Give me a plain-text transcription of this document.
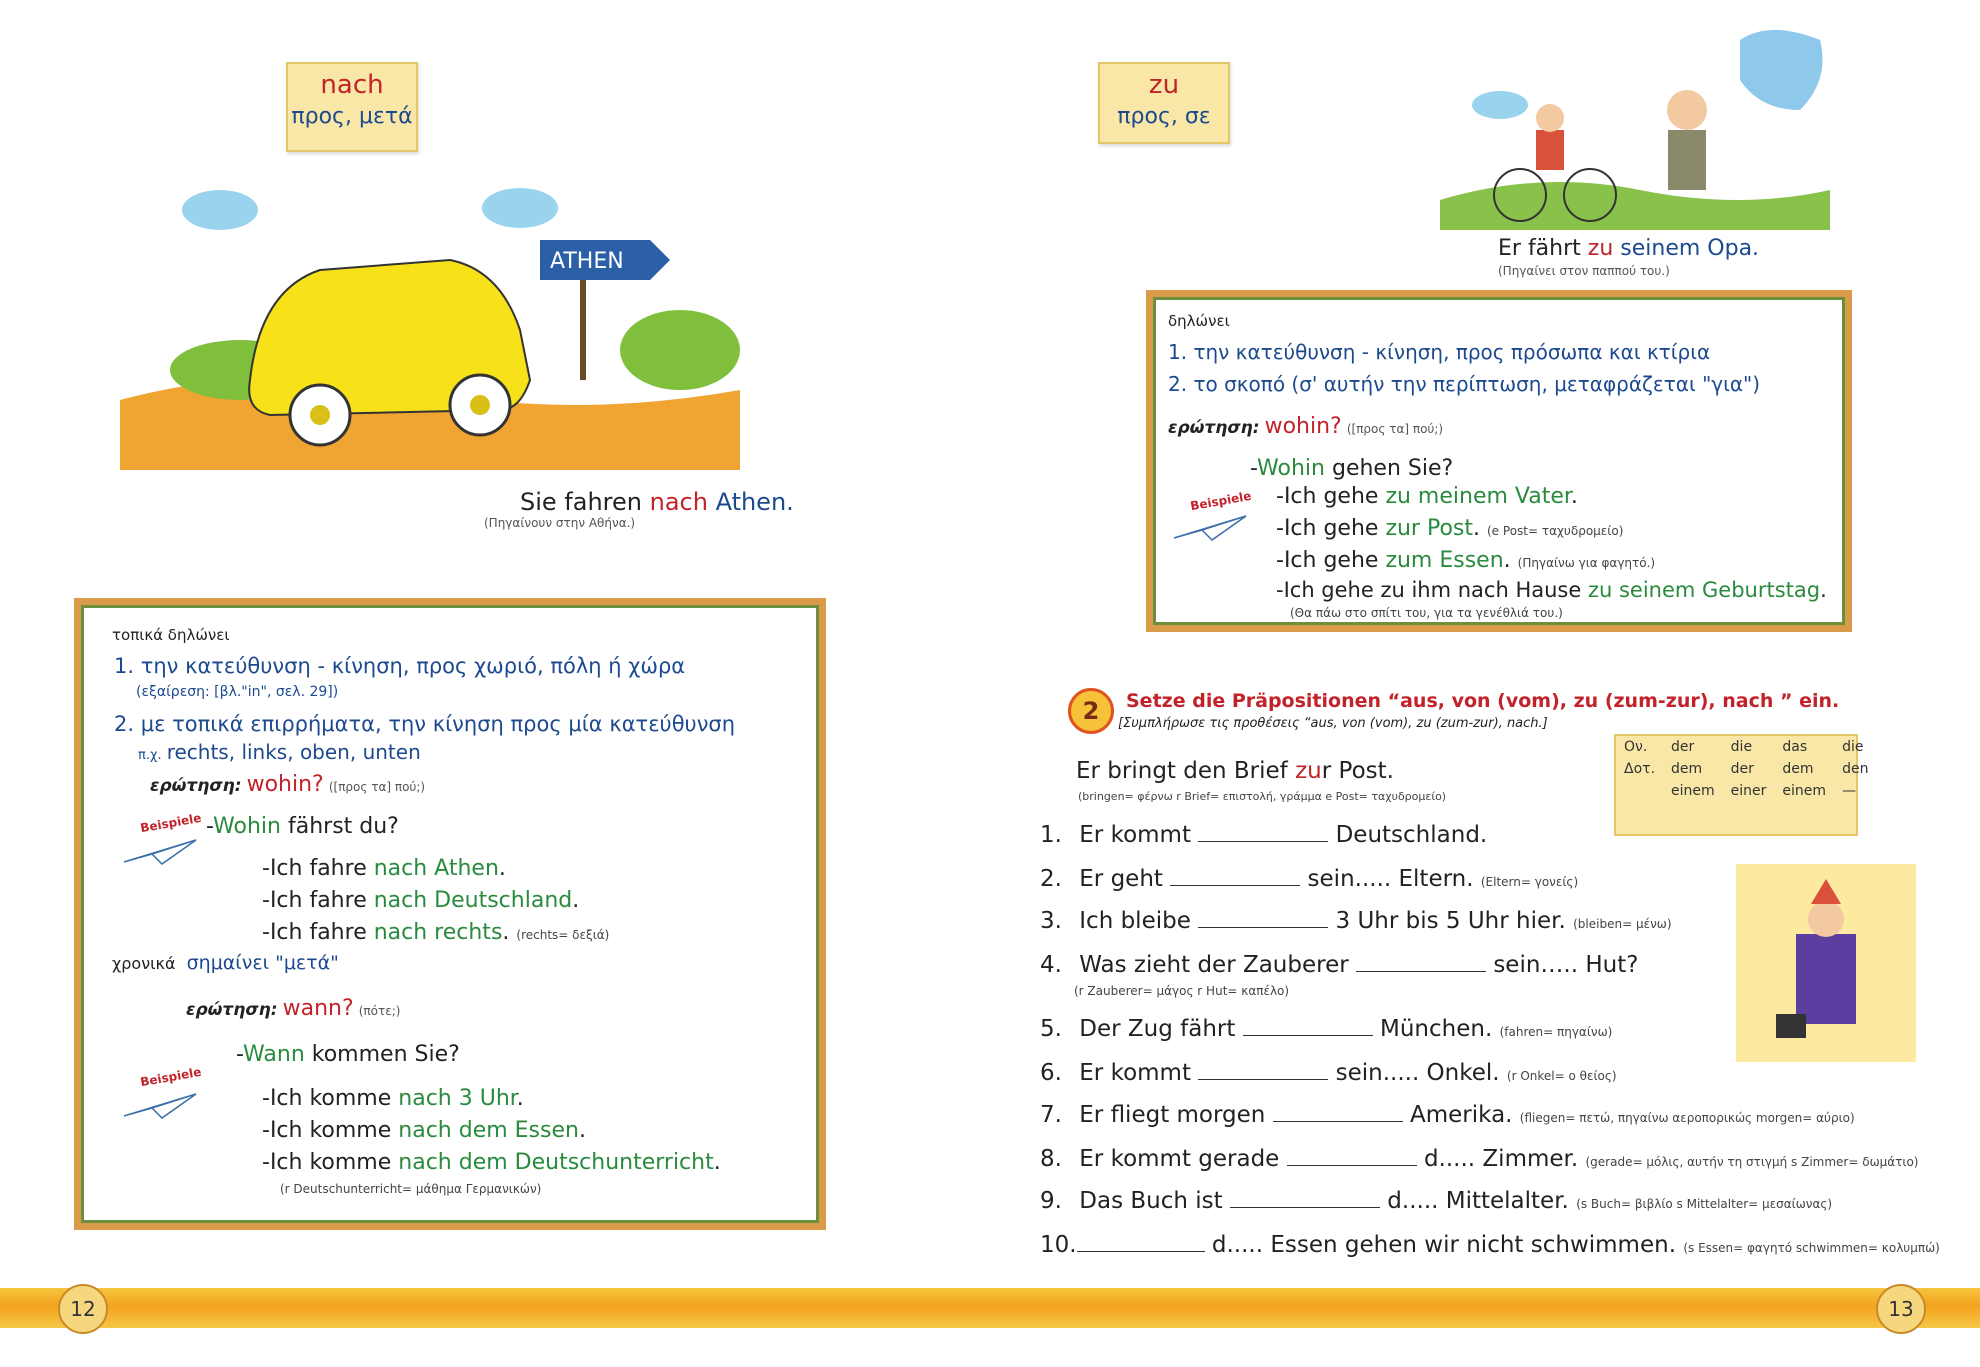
nach
προς, μετά
ATHEN
Sie fahren nach Athen.
(Πηγαίνουν στην Αθήνα.)
τοπικά δηλώνει
1. την κατεύθυνση - κίνηση, προς χωριό, πόλη ή χώρα
(εξαίρεση: [βλ."in", σελ. 29])
2. με τοπικά επιρρήματα, την κίνηση προς μία κατεύθυνση
π.χ. rechts, links, oben, unten
ερώτηση: wohin? ([προς τα] πού;)
Beispiele -Wohin fährst du?
-Ich fahre nach Athen.
-Ich fahre nach Deutschland.
-Ich fahre nach rechts. (rechts= δεξιά)
χρονικά σημαίνει "μετά"
ερώτηση: wann? (πότε;)
Beispiele
-Wann kommen Sie?
-Ich komme nach 3 Uhr.
-Ich komme nach dem Essen.
-Ich komme nach dem Deutschunterricht.
(r Deutschunterricht= μάθημα Γερμανικών)
zu
προς, σε
Er fährt zu seinem Opa.
(Πηγαίνει στον παππού του.)
δηλώνει
1. την κατεύθυνση - κίνηση, προς πρόσωπα και κτίρια
2. το σκοπό (σ' αυτήν την περίπτωση, μεταφράζεται "για")
ερώτηση: wohin? ([προς τα] πού;)
-Wohin gehen Sie?
Beispiele -Ich gehe zu meinem Vater.
-Ich gehe zur Post. (e Post= ταχυδρομείο)
-Ich gehe zum Essen. (Πηγαίνω για φαγητό.)
-Ich gehe zu ihm nach Hause zu seinem Geburtstag.
(Θα πάω στο σπίτι του, για τα γενέθλιά του.)
2	Setze die Präpositionen “aus, von (vom), zu (zum-zur), nach ” ein.
[Συμπλήρωσε τις προθέσεις “aus, von (vom), zu (zum-zur), nach.]
Er bringt den Brief zur Post.
(bringen= φέρνω r Brief= επιστολή, γράμμα e Post= ταχυδρομείο)
Ον.	der	die	das	die
Δοτ.	dem	der	dem	den
	einem	einer	einem	—
1. Er kommt	Deutschland.
2. Er geht	sein..... Eltern. (Eltern= γονείς)
3. Ich bleibe	3 Uhr bis 5 Uhr hier. (bleiben= μένω)
4. Was zieht der Zauberer	sein….. Hut?
(r Zauberer= μάγος r Hut= καπέλο)
5. Der Zug fährt	München. (fahren= πηγαίνω)
6. Er kommt	sein..... Onkel. (r Onkel= ο θείος)
7. Er fliegt morgen	Amerika. (fliegen= πετώ, πηγαίνω αεροπορικώς morgen= αύριο)
8. Er kommt gerade	d..... Zimmer. (gerade= μόλις, αυτήν τη στιγμή s Zimmer= δωμάτιο)
9. Das Buch ist	d..... Mittelalter. (s Buch= βιβλίο s Mittelalter= μεσαίωνας)
10.	d..... Essen gehen wir nicht schwimmen. (s Essen= φαγητό schwimmen= κολυμπώ)
12	13
